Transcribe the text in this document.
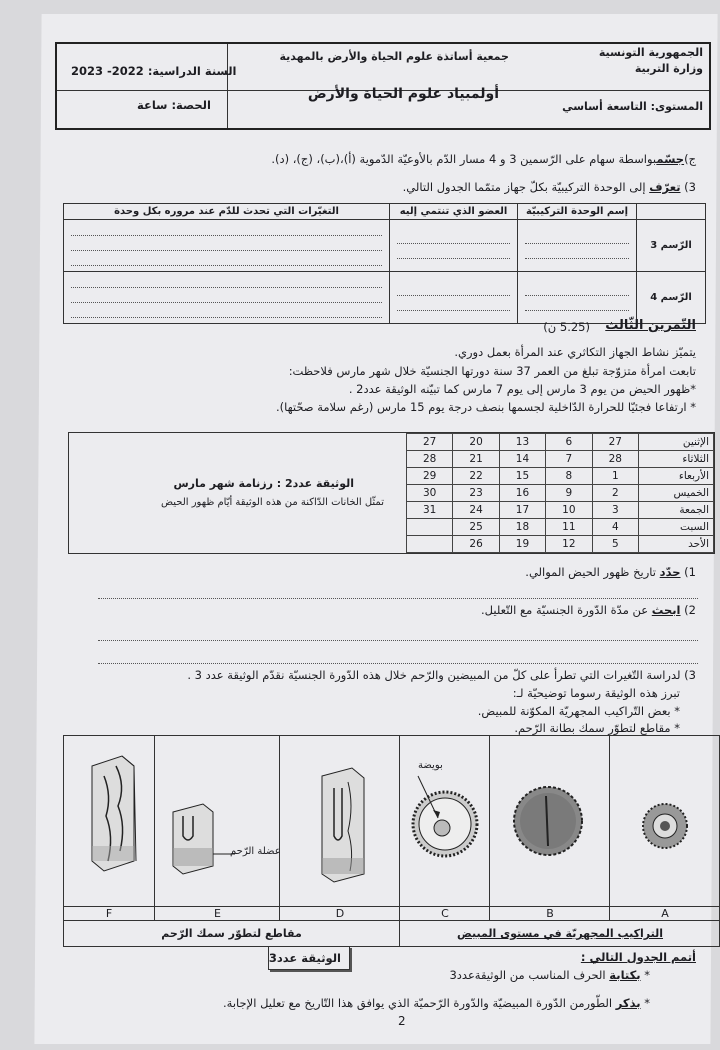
الجمهورية التونسية
وزارة التربية
جمعية أساتذة علوم الحياة والأرض بالمهدية
السنة الدراسية: 2022- 2023
المستوى: التاسعة أساسي
أولمبياد علوم الحياة والأرض
الحصة: ساعة
ج)جسّمبواسطة سهام على الرّسمين 3 و 4 مسار الدّم بالأوعيّة الدّموية (أ)،(ب)، (ج)، (د).
3) تعرّف إلى الوحدة التركيبيّة بكلّ جهاز متمّما الجدول التالي.
	إسم الوحدة التركيبيّة	العضو الذي تنتمي إليه	التغيّرات التي تحدث للدّم عند مروره بكل وحدة
الرّسم 3	

الرّسم 4	

التّمرين الثّالث
(5.25 ن)
يتميّز نشاط الجهاز التكاثري عند المرأة بعمل دوري.
تابعت امرأة متزوّجة تبلغ من العمر 37 سنة دورتها الجنسيّة خلال شهر مارس فلاحظت:
*ظهور الحيض من يوم 3 مارس إلى يوم 7 مارس كما تبيّنه الوثيقة عدد2 .
* ارتفاعا فجئيّا للحرارة الدّاخلية لجسمها بنصف درجة يوم 15 مارس (رغم سلامة صحّتها).
الوثيقة عدد2 : رزنامة شهر مارس
تمثّل الخانات الدّاكنة من هذه الوثيقة أيّام ظهور الحيض
27	20	13	6	27	الإثنين
28	21	14	7	28	الثلاثاء
29	22	15	8	1	الأربعاء
30	23	16	9	2	الخميس
31	24	17	10	3	الجمعة
	25	18	11	4	السبت
	26	19	12	5	الأحد
1) حدّد تاريخ ظهور الحيض الموالي.
2) ابحث عن مدّة الدّورة الجنسيّة مع التّعليل.
3) لدراسة التّغيرات التي تطرأ على كلّ من المبيضين والرّحم خلال هذه الدّورة الجنسيّة نقدّم الوثيقة عدد 3 .
تبرز هذه الوثيقة رسوما توضيحيّة لـ:
* بعض التّراكيب المجهريّة المكوّنة للمبيض.
* مقاطع لتطوّر سمك بطانة الرّحم.
عضلة الرّحم
بويضة
F	E	D	C	B	A
مقاطع لتطوّر سمك الرّحم	التراكيب المجهريّة في مستوى المبيض
الوثيقة عدد3	أتمم الجدول التالي :
* بكتابة الحرف المناسب من الوثيقةعدد3
* بذكر الطّورمن الدّورة المبيضيّة والدّورة الرّحميّة الذي يوافق هذا التّاريخ مع تعليل الإجابة.
2
